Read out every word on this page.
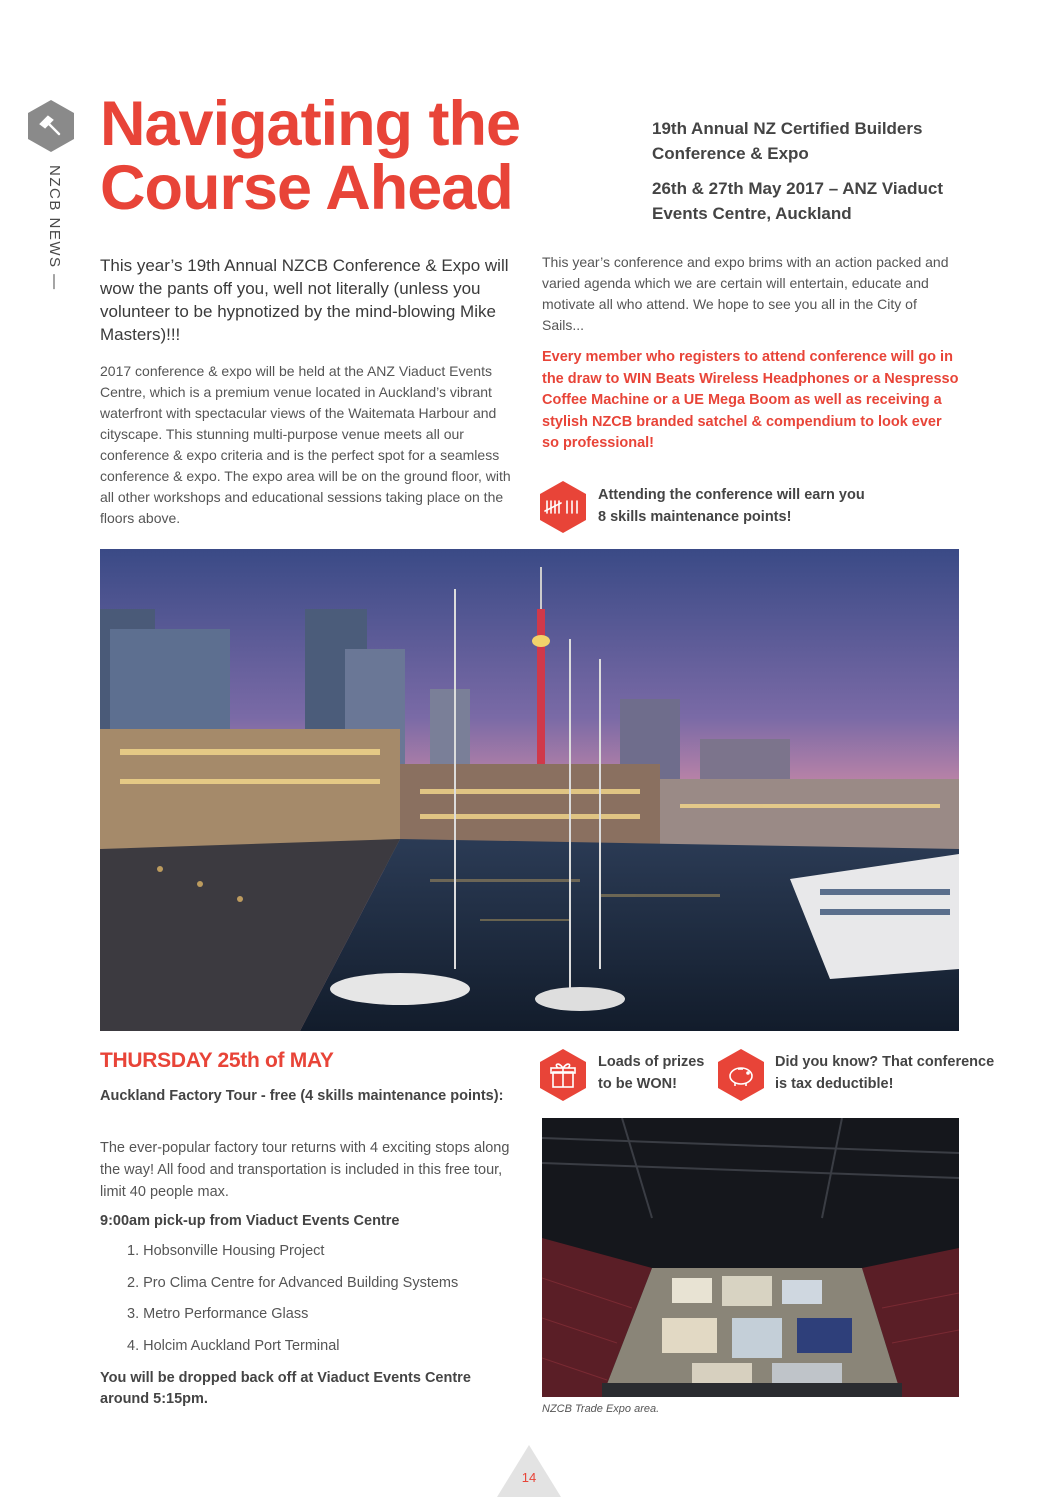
NZCB NEWS —
Navigating the
Course Ahead

19th Annual NZ Certified Builders Conference & Expo

26th & 27th May 2017 – ANZ Viaduct Events Centre, Auckland

This year’s 19th Annual NZCB Conference & Expo will wow the pants off you, well not literally (unless you volunteer to be hypnotized by the mind-blowing Mike Masters)!!!

2017 conference & expo will be held at the ANZ Viaduct Events Centre, which is a premium venue located in Auckland’s vibrant waterfront with spectacular views of the Waitemata Harbour and cityscape. This stunning multi-purpose venue meets all our conference & expo criteria and is the perfect spot for a seamless conference & expo. The expo area will be on the ground floor, with all other workshops and educational sessions taking place on the floors above.

This year’s conference and expo brims with an action packed and varied agenda which we are certain will entertain, educate and motivate all who attend. We hope to see you all in the City of Sails...

Every member who registers to attend conference will go in the draw to WIN Beats Wireless Headphones or a Nespresso Coffee Machine or a UE Mega Boom as well as receiving a stylish NZCB branded satchel & compendium to look ever so professional!

Attending the conference will earn you 8 skills maintenance points!

THURSDAY 25th of MAY

Auckland Factory Tour - free (4 skills maintenance points):

The ever-popular factory tour returns with 4 exciting stops along the way! All food and transportation is included in this free tour, limit 40 people max.

9:00am pick-up from Viaduct Events Centre

1. Hobsonville Housing Project
2. Pro Clima Centre for Advanced Building Systems
3. Metro Performance Glass
4. Holcim Auckland Port Terminal

You will be dropped back off at Viaduct Events Centre around 5:15pm.

Loads of prizes to be WON!

Did you know? That conference is tax deductible!

NZCB Trade Expo area.

14
